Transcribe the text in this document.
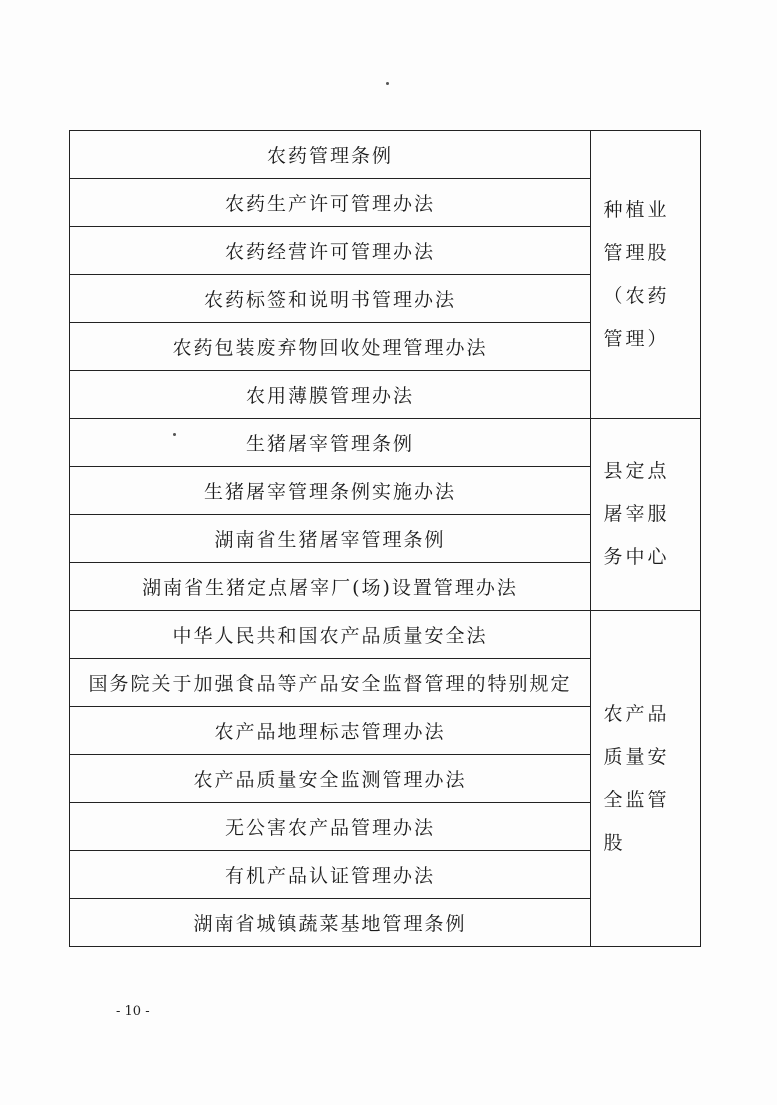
农药管理条例	种植业管理股（农药管理）
农药生产许可管理办法	
农药经营许可管理办法	
农药标签和说明书管理办法	
农药包装废弃物回收处理管理办法	
农用薄膜管理办法	
生猪屠宰管理条例	县定点屠宰服务中心
生猪屠宰管理条例实施办法	
湖南省生猪屠宰管理条例	
湖南省生猪定点屠宰厂(场)设置管理办法	
中华人民共和国农产品质量安全法	农产品质量安全监管股
国务院关于加强食品等产品安全监督管理的特别规定	
农产品地理标志管理办法	
农产品质量安全监测管理办法	
无公害农产品管理办法	
有机产品认证管理办法	
湖南省城镇蔬菜基地管理条例	
- 10 -
